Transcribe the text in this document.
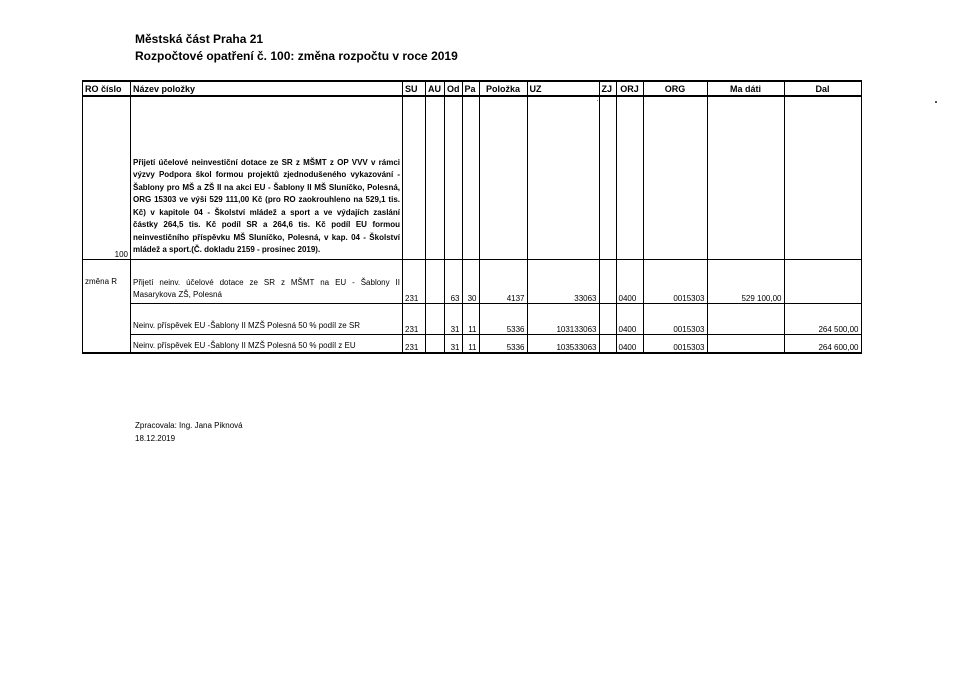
Městská část Praha 21
Rozpočtové opatření č. 100: změna rozpočtu v roce 2019
RO číslo	Název položky	SU	AU	Od	Pa	Položka	UZ	ZJ	ORJ	ORG	Ma dáti	Dal
100	Přijetí účelové neinvestiční dotace ze SR z MŠMT z OP VVV v rámci výzvy Podpora škol formou projektů zjednodušeného vykazování - Šablony pro MŠ a ZŠ II na akci EU - Šablony II MŠ Sluníčko, Polesná, ORG 15303 ve výši 529 111,00 Kč (pro RO zaokrouhleno na 529,1 tis. Kč) v kapitole 04 - Školství mládež a sport a ve výdajích zaslání částky 264,5 tis. Kč podíl SR a 264,6 tis. Kč podíl EU formou neinvestičního příspěvku MŠ Sluníčko, Polesná, v kap. 04 - Školství mládež a sport.(Č. dokladu 2159 - prosinec 2019).											

změna R	Přijetí neinv. účelové dotace ze SR z MŠMT na EU - Šablony II Masarykova ZŠ, Polesná	231		63	30	4137	33063		0400	0015303	529 100,00	

	Neinv. příspěvek EU -Šablony II MZŠ Polesná 50 % podíl ze SR	231		31	11	5336	103133063		0400	0015303		264 500,00

	Neinv. příspěvek EU -Šablony II MZŠ Polesná 50 % podíl z EU	231		31	11	5336	103533063		0400	0015303		264 600,00
Zpracovala: Ing. Jana Piknová
18.12.2019
